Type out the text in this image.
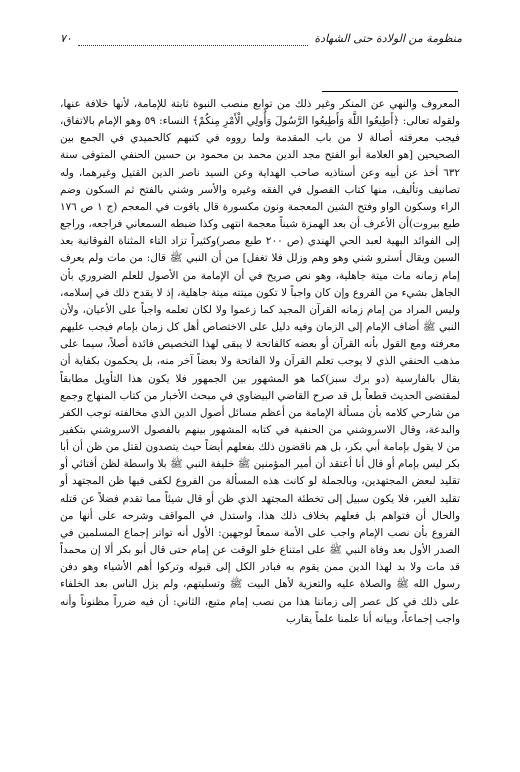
منظومة من الولادة حتى الشهادة
٧٠

المعروف والنهي عن المنكر وغير ذلك من توابع منصب النبوة ثابتة للإمامة، لأنها خلافة عنها، ولقوله تعالى: ﴿أَطِيعُوا اللَّهَ وَأَطِيعُوا الرَّسُولَ وَأُولِي الْأَمْرِ مِنكُمْ﴾ النساء: ٥٩ وهو الإمام بالاتفاق، فيجب معرفته أصالة لا من باب المقدمة ولما رووه في كتبهم كالحميدي في الجمع بين الصحيحين [هو العلامة أبو الفتح مجد الدين محمد بن محمود بن حسين الحنفي المتوفى سنة ٦٣٢ أخذ عن أبيه وعن أستاذيه صاحب الهداية وعن السيد ناصر الدين القتيل وغيرهما، وله تصانيف وتأليف، منها كتاب الفصول في الفقه وغيره والأسر وشني بالفتح ثم السكون وضم الراء وسكون الواو وفتح الشين المعجمة ونون مكسورة قال ياقوت في المعجم (ج ١ ص ١٧٦ طبع بيروت)أن الأعرف أن بعد الهمزة شيناً معجمة انتهى وكذا ضبطه السمعاني فراجعه، وراجع إلى الفوائد البهية لعبد الحي الهندي (ص ٢٠٠ طبع مصر)وكثيراً تزاد التاء المثناة الفوقانية بعد السين ويقال أسترو شني وهو وهم وزلل فلا تغفل] من أن النبي ﷺ قال: من مات ولم يعرف إمام زمانه مات ميتة جاهلية، وهو نص صريح في أن الإمامة من الأصول للعلم الضروري بأن الجاهل بشيء من الفروع وإن كان واجباً لا تكون ميتته ميتة جاهلية، إذ لا يقدح ذلك في إسلامه، وليس المراد من إمام زمانه القرآن المجيد كما زعموا ولا لكان تعلمه واجباً على الأعيان، ولأن النبي ﷺ أضاف الإمام إلى الزمان وفيه دليل على الاختصاص أهل كل زمان بإمام فيجب عليهم معرفته ومع القول بأنه القرآن أو بعضه كالفاتحة لا يبقى لهذا التخصيص فائدة أصلاً، سيما على مذهب الحنفي الذي لا يوجب تعلم القرآن ولا الفاتحة ولا بعضاً آخر منه، بل يحكمون بكفاية أن يقال بالفارسية (دو برك سبز)كما هو المشهور بين الجمهور فلا يكون هذا التأويل مطابقاً لمقتضى الحديث قطعاً بل قد صرح القاضي البيضاوي في مبحث الأخبار من كتاب المنهاج وجمع من شارحي كلامه بأن مسألة الإمامة من أعظم مسائل أصول الدين الذي مخالفته توجب الكفر والبدعة، وقال الاسروشني من الحنفية في كتابه المشهور بينهم بالفصول الاسروشني بتكفير من لا يقول بإمامة أبي بكر، بل هم ناقضون ذلك بفعلهم أيضاً حيث يتصدون لقتل من ظن أن أبا بكر ليس بإمام أو قال أنا أعتقد أن أمير المؤمنين ﷺ خليفة النبي ﷺ بلا واسطة لظن أفتائي أو تقليد لبعض المجتهدين، وبالجملة لو كانت هذه المسألة من الفروع لكفى فيها ظن المجتهد أو تقليد الغير، فلا يكون سبيل إلى تخطئة المجتهد الذي ظن أو قال شيئاً مما تقدم فضلاً عن قتله والحال أن فتواهم بل فعلهم بخلاف ذلك هذا، واستدل في المواقف وشرحه على أنها من الفروع بأن نصب الإمام واجب على الأمة سمعاً لوجهين: الأول أنه تواتر إجماع المسلمين في الصدر الأول بعد وفاة النبي ﷺ على امتناع خلو الوقت عن إمام حتى قال أبو بكر ألا إن محمداً قد مات ولا بد لهذا الدين ممن يقوم به فبادر الكل إلى قبوله وتركوا أهم الأشياء وهو دفن رسول الله ﷺ والصلاة عليه والتعزية لأهل البيت ﷺ وتسليتهم، ولم يزل الناس بعد الخلفاء على ذلك في كل عصر إلى زماننا هذا من نصب إمام متبع، الثاني: أن فيه ضرراً مظنوناً وأنه واجب إجماعاً، وبيانه أنا علمنا علماً يقارب
